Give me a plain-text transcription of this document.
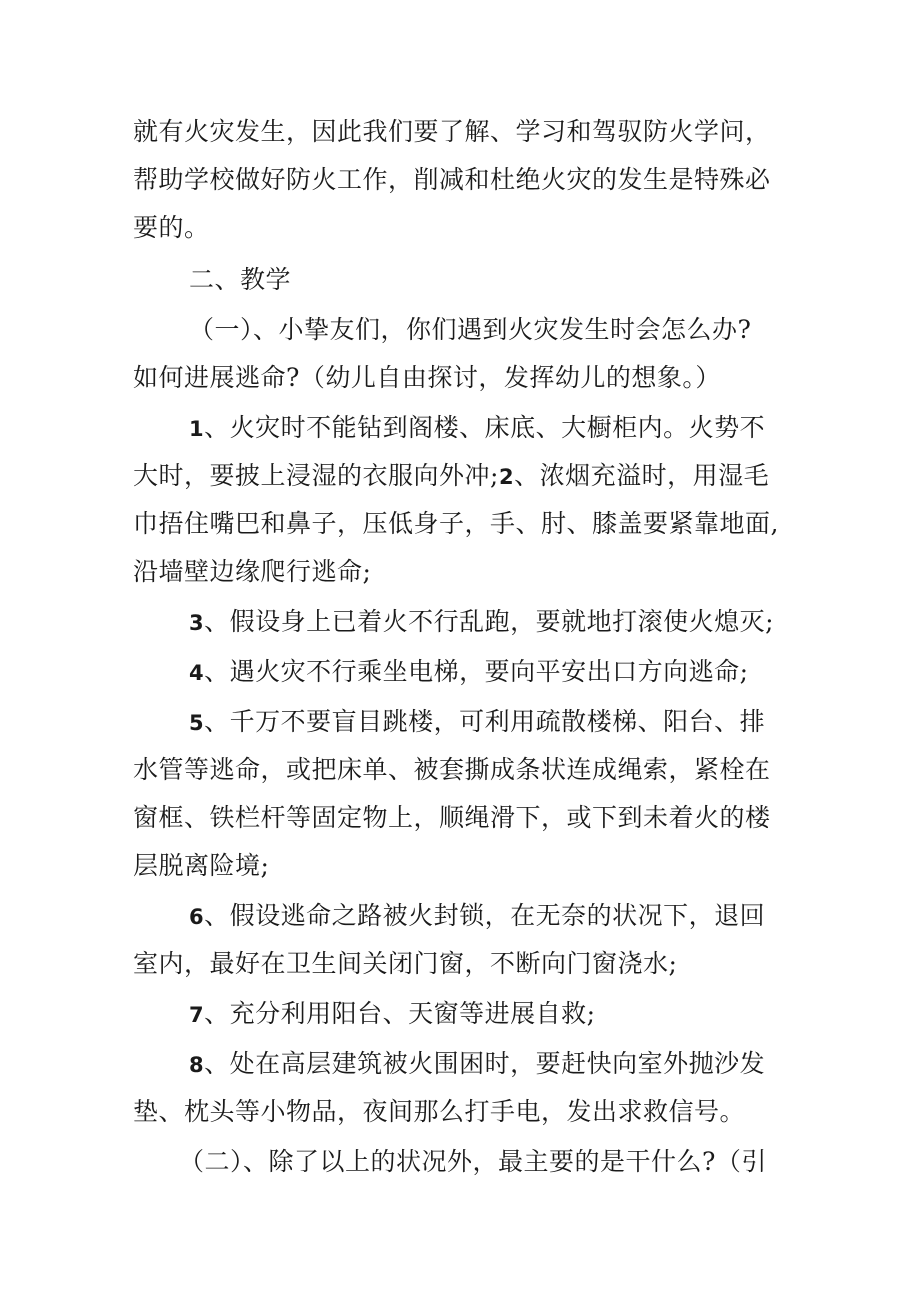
就有火灾发生，因此我们要了解、学习和驾驭防火学问，
帮助学校做好防火工作，削减和杜绝火灾的发生是特殊必
要的。
二、教学
（一）、小挚友们，你们遇到火灾发生时会怎么办?
如何进展逃命?（幼儿自由探讨，发挥幼儿的想象。）
1、火灾时不能钻到阁楼、床底、大橱柜内。火势不
大时，要披上浸湿的衣服向外冲;2、浓烟充溢时，用湿毛
巾捂住嘴巴和鼻子，压低身子，手、肘、膝盖要紧靠地面,
沿墙壁边缘爬行逃命;
3、假设身上已着火不行乱跑，要就地打滚使火熄灭;
4、遇火灾不行乘坐电梯，要向平安出口方向逃命;
5、千万不要盲目跳楼，可利用疏散楼梯、阳台、排
水管等逃命，或把床单、被套撕成条状连成绳索，紧栓在
窗框、铁栏杆等固定物上，顺绳滑下，或下到未着火的楼
层脱离险境;
6、假设逃命之路被火封锁，在无奈的状况下，退回
室内，最好在卫生间关闭门窗，不断向门窗浇水;
7、充分利用阳台、天窗等进展自救;
8、处在高层建筑被火围困时，要赶快向室外抛沙发
垫、枕头等小物品，夜间那么打手电，发出求救信号。
（二）、除了以上的状况外，最主要的是干什么?（引
